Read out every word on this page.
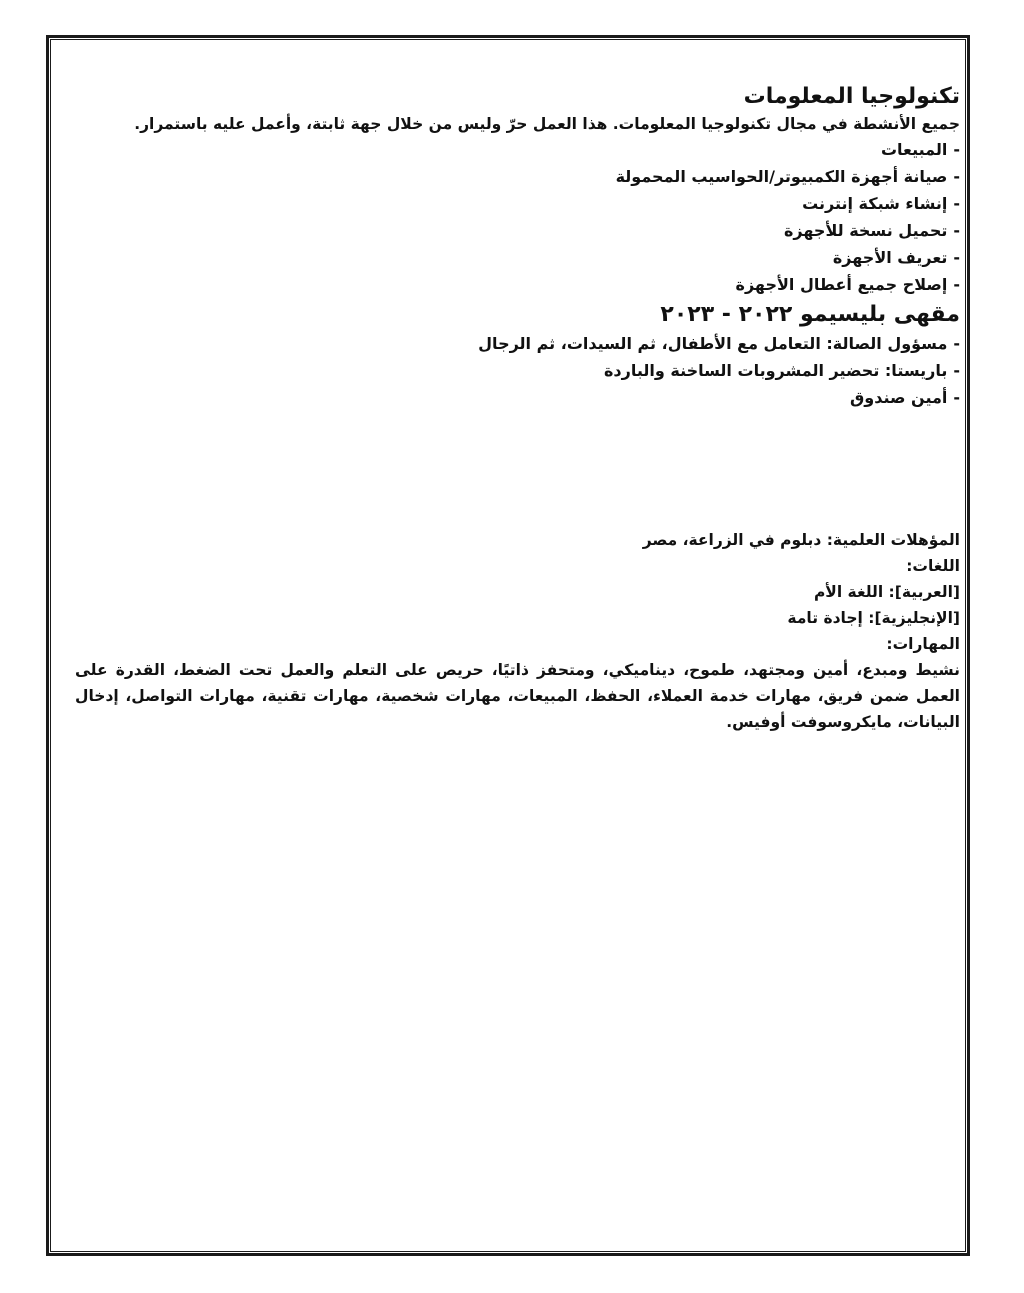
تكنولوجيا المعلومات

جميع الأنشطة في مجال تكنولوجيا المعلومات. هذا العمل حرّ وليس من خلال جهة ثابتة، وأعمل عليه باستمرار.

-المبيعات
-صيانة أجهزة الكمبيوتر/الحواسيب المحمولة
-إنشاء شبكة إنترنت
-تحميل نسخة للأجهزة
-تعريف الأجهزة
-إصلاح جميع أعطال الأجهزة
مقهى بليسيمو ٢٠٢٢ - ٢٠٢٣
-مسؤول الصالة: التعامل مع الأطفال، ثم السيدات، ثم الرجال
-باريستا: تحضير المشروبات الساخنة والباردة
-أمين صندوق

المؤهلات العلمية: دبلوم في الزراعة، مصر

اللغات:

[العربية]: اللغة الأم

[الإنجليزية]: إجادة تامة

المهارات:

نشيط ومبدع، أمين ومجتهد، طموح، ديناميكي، ومتحفز ذاتيًا، حريص على التعلم والعمل تحت الضغط، القدرة على العمل ضمن فريق، مهارات خدمة العملاء، الحفظ، المبيعات، مهارات شخصية، مهارات تقنية، مهارات التواصل، إدخال البيانات، مايكروسوفت أوفيس.
